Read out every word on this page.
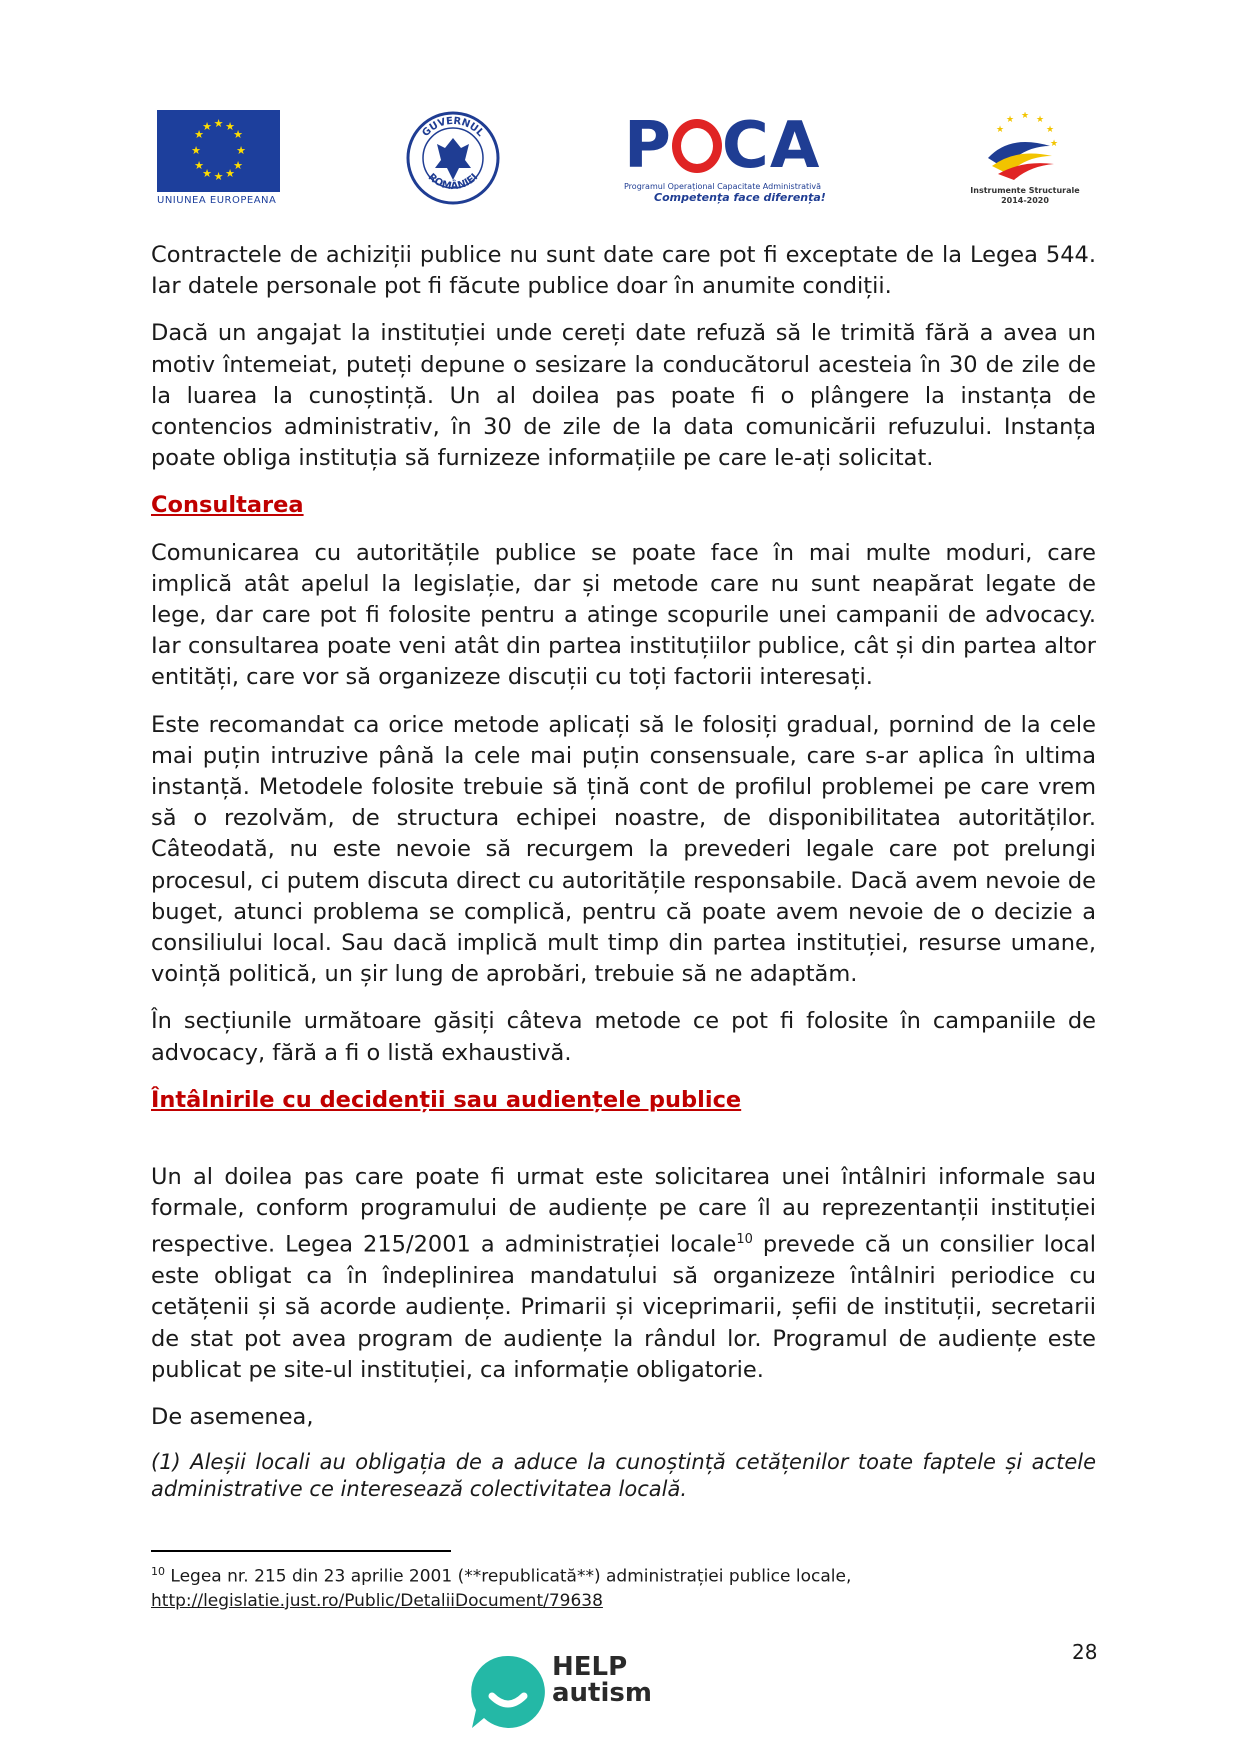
★ ★
★
★
★
★
★
★
★
★
★
★
UNIUNEA EUROPEANA
GUVERNUL
ROMÂNIEI P CA
Programul Operațional Capacitate Administrativă
Competența face diferența!
★
★ ★ ★
★
★
Instrumente Structurale
2014-2020

Contractele de achiziții publice nu sunt date care pot fi exceptate de la Legea 544. Iar datele personale pot fi făcute publice doar în anumite condiții.

Dacă un angajat la instituției unde cereți date refuză să le trimită fără a avea un motiv întemeiat, puteți depune o sesizare la conducătorul acesteia în 30 de zile de la luarea la cunoștință. Un al doilea pas poate fi o plângere la instanța de contencios administrativ, în 30 de zile de la data comunicării refuzului. Instanța poate obliga instituția să furnizeze informațiile pe care le-ați solicitat.

Consultarea

Comunicarea cu autoritățile publice se poate face în mai multe moduri, care implică atât apelul la legislație, dar și metode care nu sunt neapărat legate de lege, dar care pot fi folosite pentru a atinge scopurile unei campanii de advocacy. Iar consultarea poate veni atât din partea instituțiilor publice, cât și din partea altor entități, care vor să organizeze discuții cu toți factorii interesați.

Este recomandat ca orice metode aplicați să le folosiți gradual, pornind de la cele mai puțin intruzive până la cele mai puțin consensuale, care s-ar aplica în ultima instanță. Metodele folosite trebuie să țină cont de profilul problemei pe care vrem să o rezolvăm, de structura echipei noastre, de disponibilitatea autorităților. Câteodată, nu este nevoie să recurgem la prevederi legale care pot prelungi procesul, ci putem discuta direct cu autoritățile responsabile. Dacă avem nevoie de buget, atunci problema se complică, pentru că poate avem nevoie de o decizie a consiliului local. Sau dacă implică mult timp din partea instituției, resurse umane, voință politică, un șir lung de aprobări, trebuie să ne adaptăm.

În secțiunile următoare găsiți câteva metode ce pot fi folosite în campaniile de advocacy, fără a fi o listă exhaustivă.

Întâlnirile cu decidenții sau audiențele publice

Un al doilea pas care poate fi urmat este solicitarea unei întâlniri informale sau formale, conform programului de audiențe pe care îl au reprezentanții instituției respective. Legea 215/2001 a administrației locale$^{10}$ prevede că un consilier local este obligat ca în îndeplinirea mandatului să organizeze întâlniri periodice cu cetățenii și să acorde audiențe. Primarii și viceprimarii, șefii de instituții, secretarii de stat pot avea program de audiențe la rândul lor. Programul de audiențe este publicat pe site-ul instituției, ca informație obligatorie.

De asemenea,

(1) Aleșii locali au obligația de a aduce la cunoștință cetățenilor toate faptele și actele administrative ce interesează colectivitatea locală.

$^{10}$ Legea nr. 215 din 23 aprilie 2001 (**republicată**) administrației publice locale,
http://legislatie.just.ro/Public/DetaliiDocument/79638
28
HELP
autism
